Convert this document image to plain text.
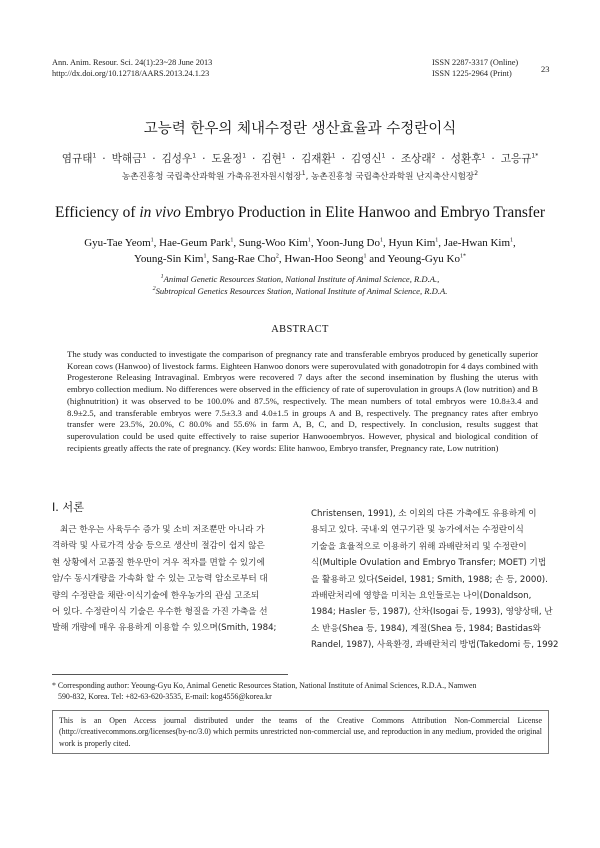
Ann. Anim. Resour. Sci. 24(1):23~28 June 2013
http://dx.doi.org/10.12718/AARS.2013.24.1.23
ISSN 2287-3317 (Online)
ISSN 1225-2964 (Print)	23
고능력 한우의 체내수정란 생산효율과 수정란이식
염규태$^1$ · 박해금$^1$ · 김성우$^1$ · 도윤정$^1$ · 김현$^1$ · 김재환$^1$ · 김영신$^1$ · 조상래$^2$ · 성환후$^1$ · 고응규$^{1*}$
농촌진흥청 국립축산과학원 가축유전자원시험장$^1$, 농촌진흥청 국립축산과학원 난지축산시험장$^2$
Efficiency of in vivo Embryo Production in Elite Hanwoo and Embryo Transfer
Gyu-Tae Yeom$^1$, Hae-Geum Park$^1$, Sung-Woo Kim$^1$, Yoon-Jung Do$^1$, Hyun Kim$^1$, Jae-Hwan Kim$^1$,
Young-Sin Kim$^1$, Sang-Rae Cho$^2$, Hwan-Hoo Seong$^1$ and Yeoung-Gyu $Ko^{1*}$
$^1$Animal Genetic Resources Station, National Institute of Animal Science, R.D.A.,
$^2$Subtropical Genetics Resources Station, National Institute of Animal Science, R.D.A.
ABSTRACT
The study was conducted to investigate the comparison of pregnancy rate and transferable embryos produced by genetically superior Korean cows (Hanwoo) of livestock farms. Eighteen Hanwoo donors were superovulated with gonadotropin for 4 days combined with Progesterone Releasing Intravaginal. Embryos were recovered 7 days after the second insemination by flushing the uterus with embryo collection medium. No differences were observed in the efficiency of rate of superovulation in groups A (low nutrition) and B (highnutrition) it was observed to be 100.0% and 87.5%, respectively. The mean numbers of total embryos were 10.8±3.4 and 8.9±2.5, and transferable embryos were 7.5±3.3 and 4.0±1.5 in groups A and B, respectively. The pregnancy rates after embryo transfer were 23.5%, 20.0%, C 80.0% and 55.6% in farm A, B, C, and D, respectively. In conclusion, results suggest that superovulation could be used quite effectively to raise superior Hanwooembryos. However, physical and biological condition of recipients greatly affects the rate of pregnancy. (Key words: Elite hanwoo, Embryo transfer, Pregnancy rate, Low nutrition)
Ⅰ. 서론
최근 한우는 사육두수 증가 및 소비 저조뿐만 아니라 가
격하락 및 사료가격 상승 등으로 생산비 절감이 쉽지 않은
현 상황에서 고품질 한우만이 겨우 적자를 면할 수 있기에
암/수 동시개량을 가속화 할 수 있는 고능력 암소로부터 대
량의 수정란을 채란·이식기술에 한우농가의 관심 고조되
어 있다. 수정란이식 기술은 우수한 형질을 가진 가축을 선
발해 개량에 매우 유용하게 이용할 수 있으며(Smith, 1984;
Christensen, 1991), 소 이외의 다른 가축에도 유용하게 이
용되고 있다. 국내·외 연구기관 및 농가에서는 수정란이식
기술을 효율적으로 이용하기 위해 과배란처리 및 수정란이
식(Multiple Ovulation and Embryo Transfer; MOET) 기법
을 활용하고 있다(Seidel, 1981; Smith, 1988; 손 등, 2000).
과배란처리에 영향을 미치는 요인들로는 나이(Donaldson,
1984; Hasler 등, 1987), 산차(Isogai 등, 1993), 영양상태, 난
소 반응(Shea 등, 1984), 계절(Shea 등, 1984; Bastidas와
Randel, 1987), 사육환경, 과배란처리 방법(Takedomi 등, 1992
* Corresponding author: Yeoung-Gyu Ko, Animal Genetic Resources Station, National Institute of Animal Sciences, R.D.A., Namwen
590-832, Korea. Tel: +82-63-620-3535, E-mail: kog4556@korea.kr
This is an Open Access journal distributed under the teams of the Creative Commons Attribution Non-Commercial License (http://creativecommons.org/licenses(by-nc/3.0) which permits unrestricted non-commercial use, and reproduction in any medium, provided the original work is properly cited.
